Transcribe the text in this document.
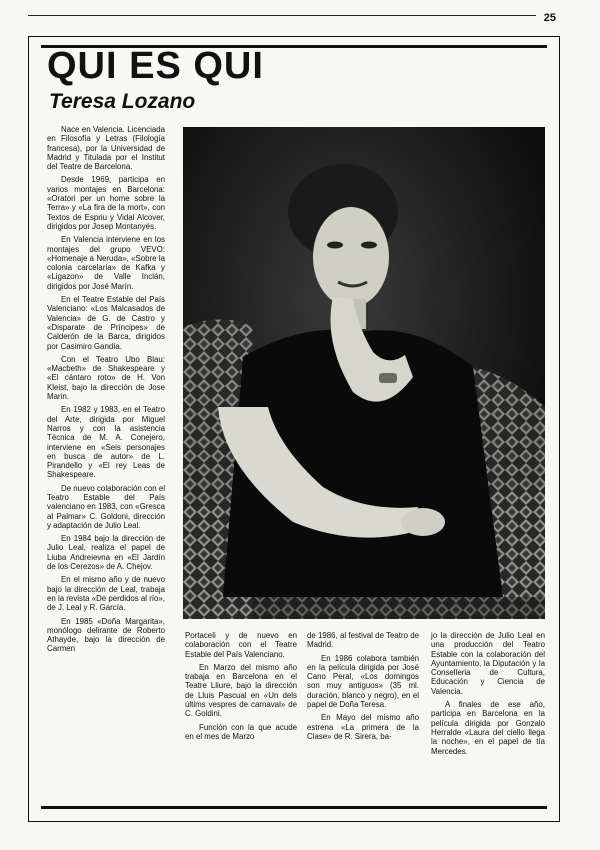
25
QUI ES QUI
Teresa Lozano

Nace en Valencia. Licenciada en Filosofía y Letras (Filología francesa), por la Universidad de Madrid y Titulada por el Institut del Teatre de Barcelona.

Desde 1969, participa en varios montajes en Barcelona: «Oratori per un home sobre la Terra» y «La fira de la mort», con Textos de Espriu y Vidal Alcover, dirigidos por Josep Montanyés.

En Valencia interviene en los montajes del grupo VEVO: «Homenaje a Neruda», «Sobre la colonia carcelaria» de Kafka y «Ligazon» de Valle Inclán, dirigidos por José Marín.

En el Teatre Estable del País Valenciano: «Los Malcasados de Valencia» de G. de Castro y «Disparate de Príncipes» de Calderón de la Barca, dirigidos por Casimiro Gandía.

Con el Teatro Ubo Blau: «Macbeth» de Shakespeare y «El cántaro roto» de H. Von Kleist, bajo la dirección de Jose Marin.

En 1982 y 1983, en el Teatro del Arte, dirigida por Miguel Narros y con la asistencia Técnica de M. A. Conejero, interviene en «Seis personajes en busca de autor» de L. Pirandello y «El rey Leas de Shakespeare.

De nuevo colaboración con el Teatro Estable del País valenciano en 1983, con «Gresca al Palmar» C. Goldoni, dirección y adaptación de Julio Leal.

En 1984 bajo la dirección de Julio Leal, realiza el papel de Liuba Andreievna en «El Jardín de los Cerezos» de A. Chejov.

En el mismo año y de nuevo bajo la dirección de Leal, trabaja en la revista «De perdidos al río», de J. Leal y R. García.

En 1985 «Doña Margarita», monólogo delirante de Roberto Athayde, bajo la dirección de Carmen

Portaceli y de nuevo en colaboración con el Teatre Estable del País Valenciano.

En Marzo del mismo año trabaja en Barcelona en el Teatre Lliure, bajo la dirección de Lluis Pascual en «Un dels últims vespres de carnaval» de C. Goldini.

Función con la que acude en el mes de Marzo

de 1986, al festival de Teatro de Madrid.

En 1986 colabora también en la película dirigida por José Cano Peral, «Los domingos son muy antiguos» (35 ml. duración, blanco y negro), en el papel de Doña Teresa.

En Mayo del mismo año estrena «La primera de la Clase» de R. Sirera, ba-

jo la dirección de Julio Leal en una producción del Teatro Estable con la colaboración del Ayuntamiento, la Diputación y la Conselleria de Cultura, Educación y Ciencia de Valencia.

A finales de ese año, participa en Barcelona en la película dirigida por Gonzalo Herralde «Laura del ciello llega la noche», en el papel de tía Mercedes.
